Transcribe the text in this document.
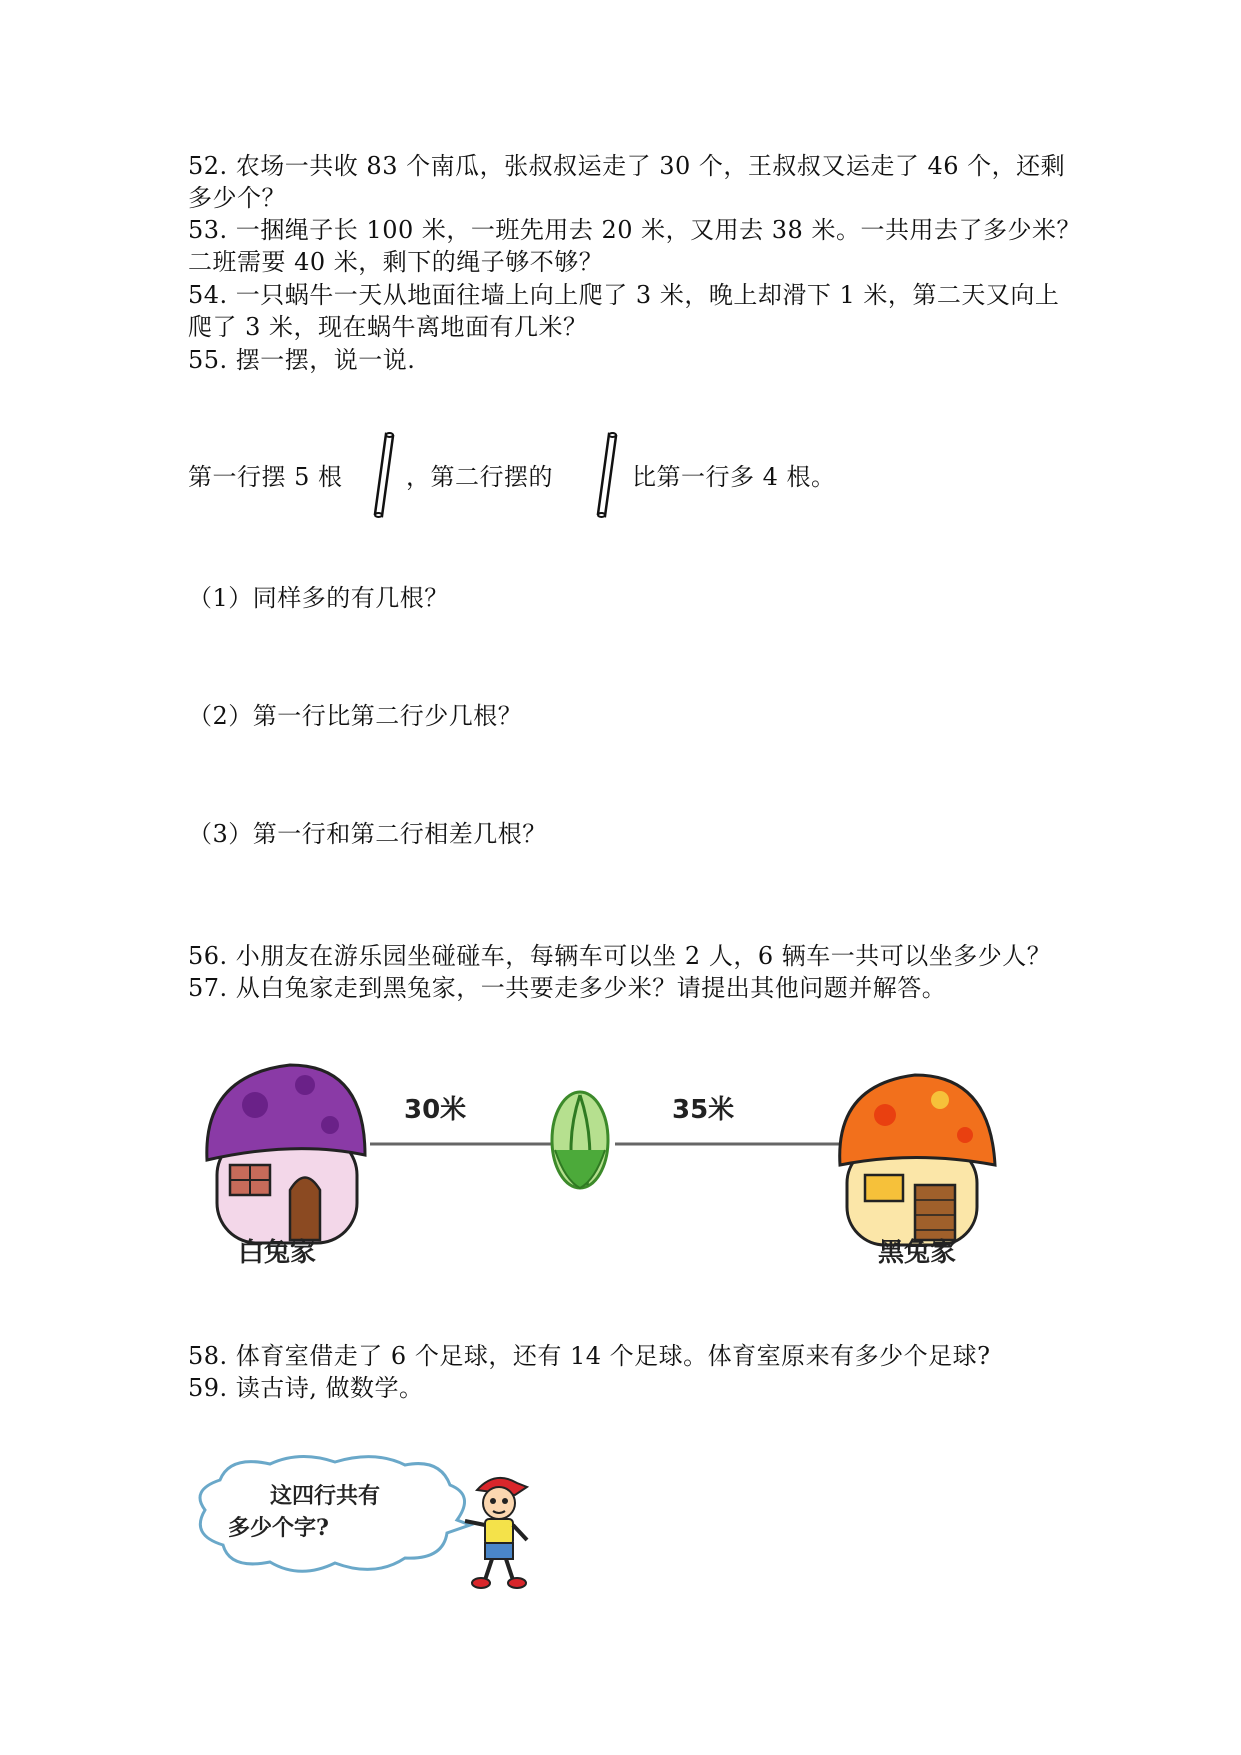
52. 农场一共收 83 个南瓜，张叔叔运走了 30 个，王叔叔又运走了 46 个，还剩
多少个？
53. 一捆绳子长 100 米，一班先用去 20 米，又用去 38 米。一共用去了多少米？
二班需要 40 米，剩下的绳子够不够？
54. 一只蜗牛一天从地面往墙上向上爬了 3 米，晚上却滑下 1 米，第二天又向上
爬了 3 米，现在蜗牛离地面有几米？
55. 摆一摆，说一说.
第一行摆 5 根	，第二行摆的	比第一行多 4 根。
（1）同样多的有几根？
（2）第一行比第二行少几根？
（3）第一行和第二行相差几根？
56. 小朋友在游乐园坐碰碰车，每辆车可以坐 2 人，6 辆车一共可以坐多少人？
57. 从白兔家走到黑兔家，一共要走多少米？请提出其他问题并解答。
30米	35米
白兔家	黑兔家
58. 体育室借走了 6 个足球，还有 14 个足球。体育室原来有多少个足球?
59. 读古诗, 做数学。
这四行共有
多少个字?
